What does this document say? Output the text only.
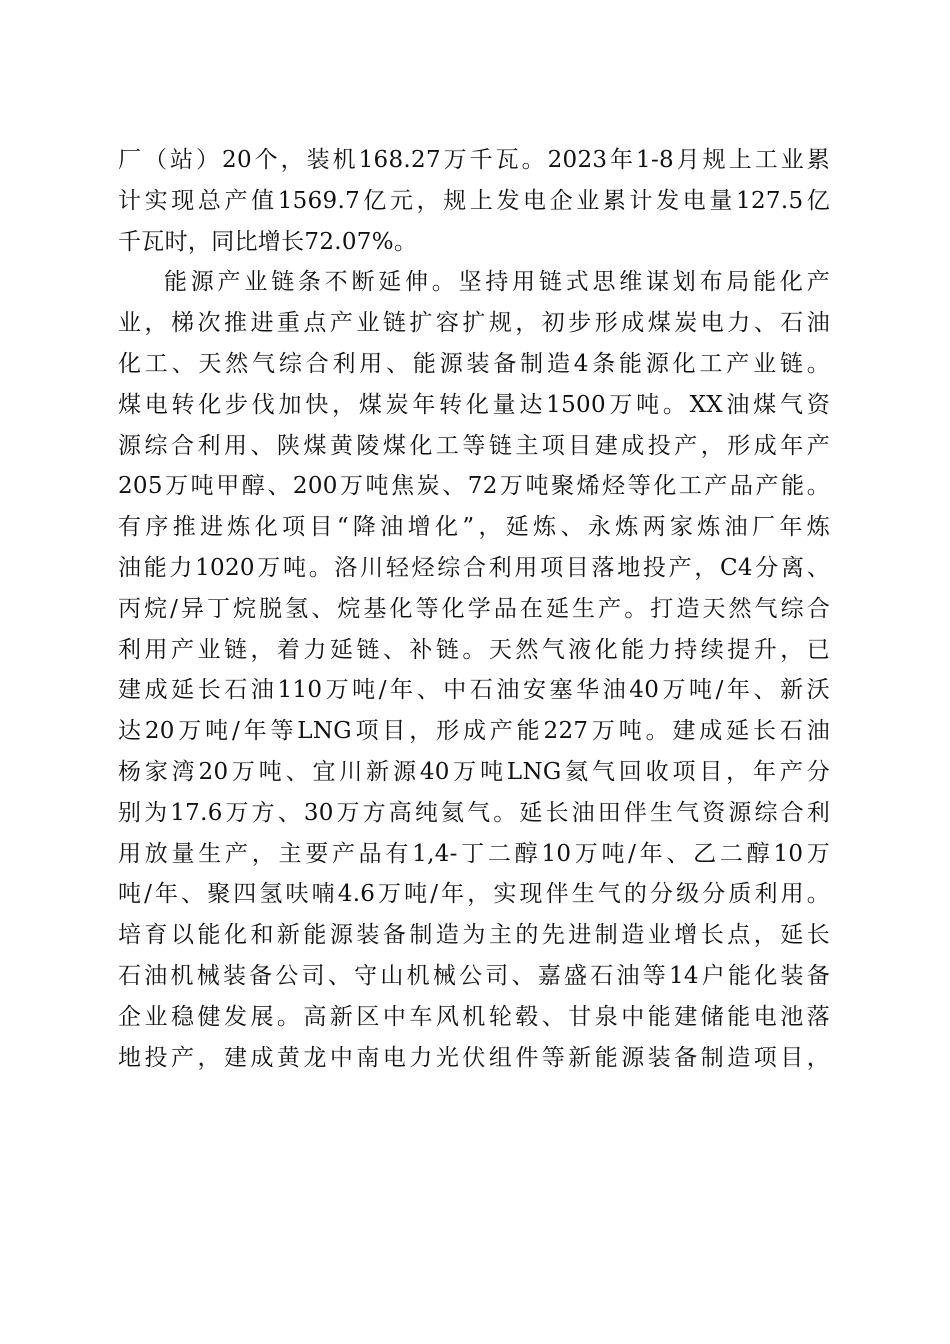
厂（站）20个，装机168.27万千瓦。2023年1-8月规上工业累
计实现总产值1569.7亿元，规上发电企业累计发电量127.5亿
千瓦时，同比增长72.07%。
能源产业链条不断延伸。坚持用链式思维谋划布局能化产
业，梯次推进重点产业链扩容扩规，初步形成煤炭电力、石油
化工、天然气综合利用、能源装备制造4条能源化工产业链。
煤电转化步伐加快，煤炭年转化量达1500万吨。XX油煤气资
源综合利用、陕煤黄陵煤化工等链主项目建成投产，形成年产
205万吨甲醇、200万吨焦炭、72万吨聚烯烃等化工产品产能。
有序推进炼化项目“降油增化”，延炼、永炼两家炼油厂年炼
油能力1020万吨。洛川轻烃综合利用项目落地投产，C4分离、
丙烷/异丁烷脱氢、烷基化等化学品在延生产。打造天然气综合
利用产业链，着力延链、补链。天然气液化能力持续提升，已
建成延长石油110万吨/年、中石油安塞华油40万吨/年、新沃
达20万吨/年等LNG项目，形成产能227万吨。建成延长石油
杨家湾20万吨、宜川新源40万吨LNG氦气回收项目，年产分
别为17.6万方、30万方高纯氦气。延长油田伴生气资源综合利
用放量生产，主要产品有1,4-丁二醇10万吨/年、乙二醇10万
吨/年、聚四氢呋喃4.6万吨/年，实现伴生气的分级分质利用。
培育以能化和新能源装备制造为主的先进制造业增长点，延长
石油机械装备公司、守山机械公司、嘉盛石油等14户能化装备
企业稳健发展。高新区中车风机轮毂、甘泉中能建储能电池落
地投产，建成黄龙中南电力光伏组件等新能源装备制造项目，
